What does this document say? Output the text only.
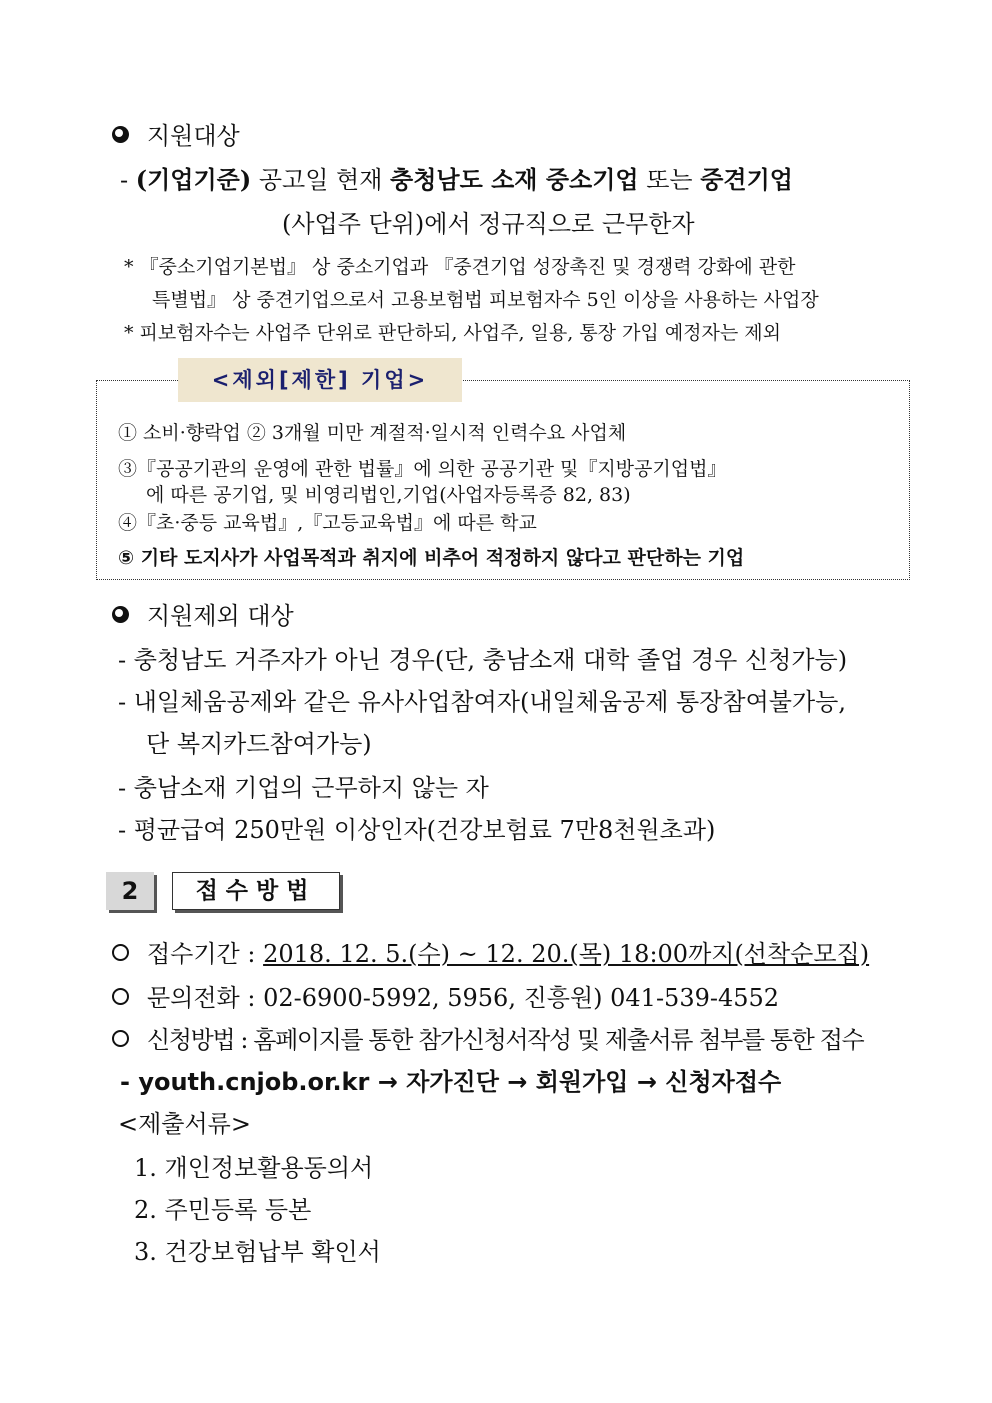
지원대상
- (기업기준) 공고일 현재 충청남도 소재 중소기업 또는 중견기업
(사업주 단위)에서 정규직으로 근무한자
* 『중소기업기본법』 상 중소기업과 『중견기업 성장촉진 및 경쟁력 강화에 관한
특별법』 상 중견기업으로서 고용보험법 피보험자수 5인 이상을 사용하는 사업장
* 피보험자수는 사업주 단위로 판단하되, 사업주, 일용, 통장 가입 예정자는 제외
<제외[제한] 기업>
① 소비·향락업 ② 3개월 미만 계절적·일시적 인력수요 사업체
③『공공기관의 운영에 관한 법률』에 의한 공공기관 및『지방공기업법』
에 따른 공기업, 및 비영리법인,기업(사업자등록증 82, 83)
④『초·중등 교육법』,『고등교육법』에 따른 학교
⑤ 기타 도지사가 사업목적과 취지에 비추어 적정하지 않다고 판단하는 기업
지원제외 대상
- 충청남도 거주자가 아닌 경우(단, 충남소재 대학 졸업 경우 신청가능)
- 내일체움공제와 같은 유사사업참여자(내일체움공제 통장참여불가능,
단 복지카드참여가능)
- 충남소재 기업의 근무하지 않는 자
- 평균급여 250만원 이상인자(건강보험료 7만8천원초과)
2	접수방법
접수기간 : 2018. 12. 5.(수) ~ 12. 20.(목) 18:00까지(선착순모집)
문의전화 : 02-6900-5992, 5956, 진흥원) 041-539-4552
신청방법 : 홈페이지를 통한 참가신청서작성 및 제출서류 첨부를 통한 접수
- youth.cnjob.or.kr → 자가진단 → 회원가입 → 신청자접수
<제출서류>
1. 개인정보활용동의서
2. 주민등록 등본
3. 건강보험납부 확인서
